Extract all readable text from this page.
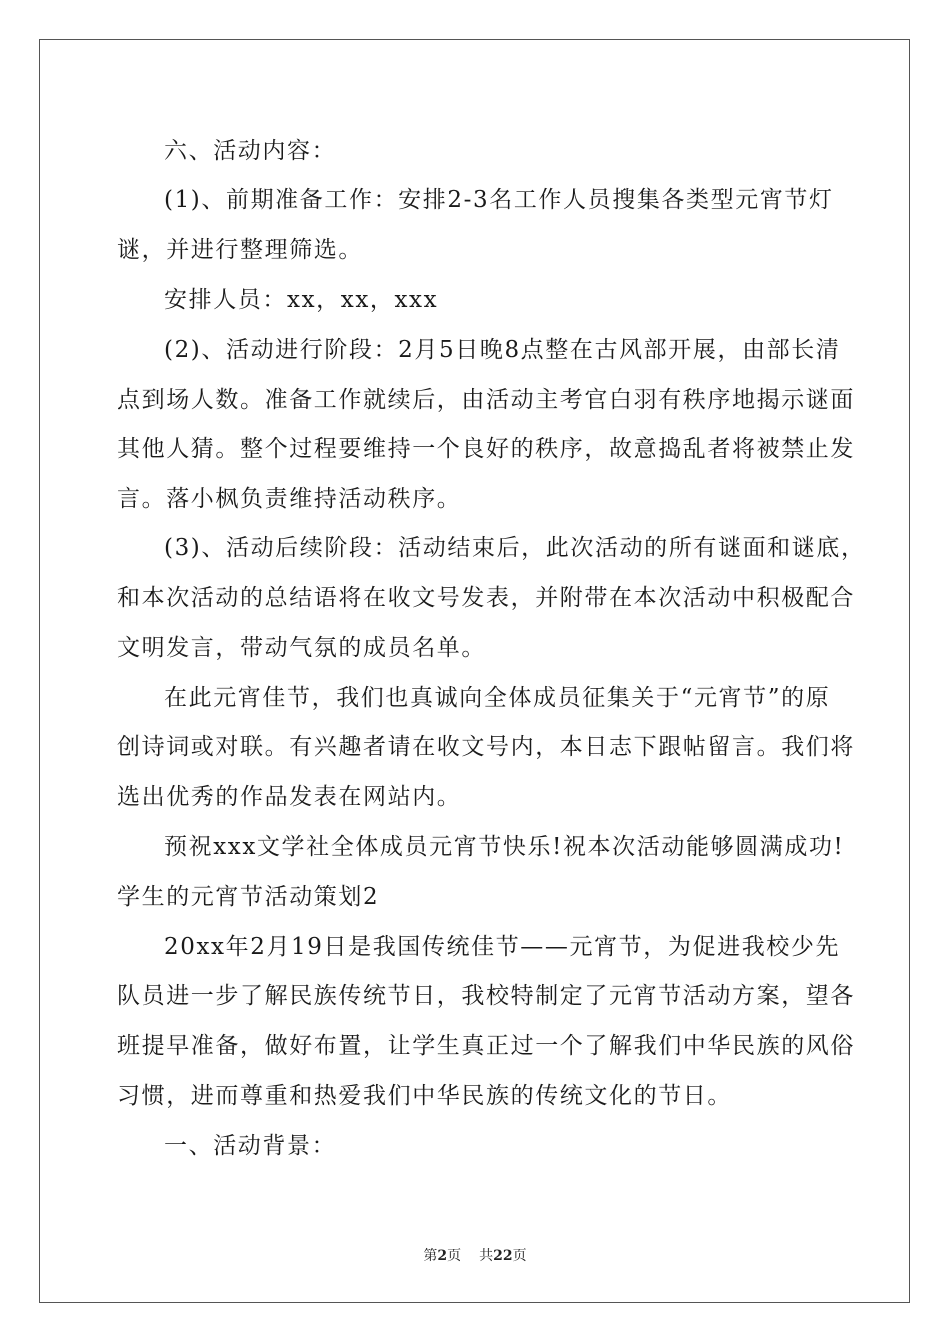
六、活动内容：
(1)、前期准备工作：安排2-3名工作人员搜集各类型元宵节灯
谜，并进行整理筛选。
安排人员：xx，xx，xxx
(2)、活动进行阶段：2月5日晚8点整在古风部开展，由部长清
点到场人数。准备工作就续后，由活动主考官白羽有秩序地揭示谜面
其他人猜。整个过程要维持一个良好的秩序，故意捣乱者将被禁止发
言。落小枫负责维持活动秩序。
(3)、活动后续阶段：活动结束后，此次活动的所有谜面和谜底，
和本次活动的总结语将在收文号发表，并附带在本次活动中积极配合
文明发言，带动气氛的成员名单。
在此元宵佳节，我们也真诚向全体成员征集关于“元宵节”的原
创诗词或对联。有兴趣者请在收文号内，本日志下跟帖留言。我们将
选出优秀的作品发表在网站内。
预祝xxx文学社全体成员元宵节快乐!祝本次活动能够圆满成功!
学生的元宵节活动策划2
20xx年2月19日是我国传统佳节——元宵节，为促进我校少先
队员进一步了解民族传统节日，我校特制定了元宵节活动方案，望各
班提早准备，做好布置，让学生真正过一个了解我们中华民族的风俗
习惯，进而尊重和热爱我们中华民族的传统文化的节日。
一、活动背景：
第2页 共22页
